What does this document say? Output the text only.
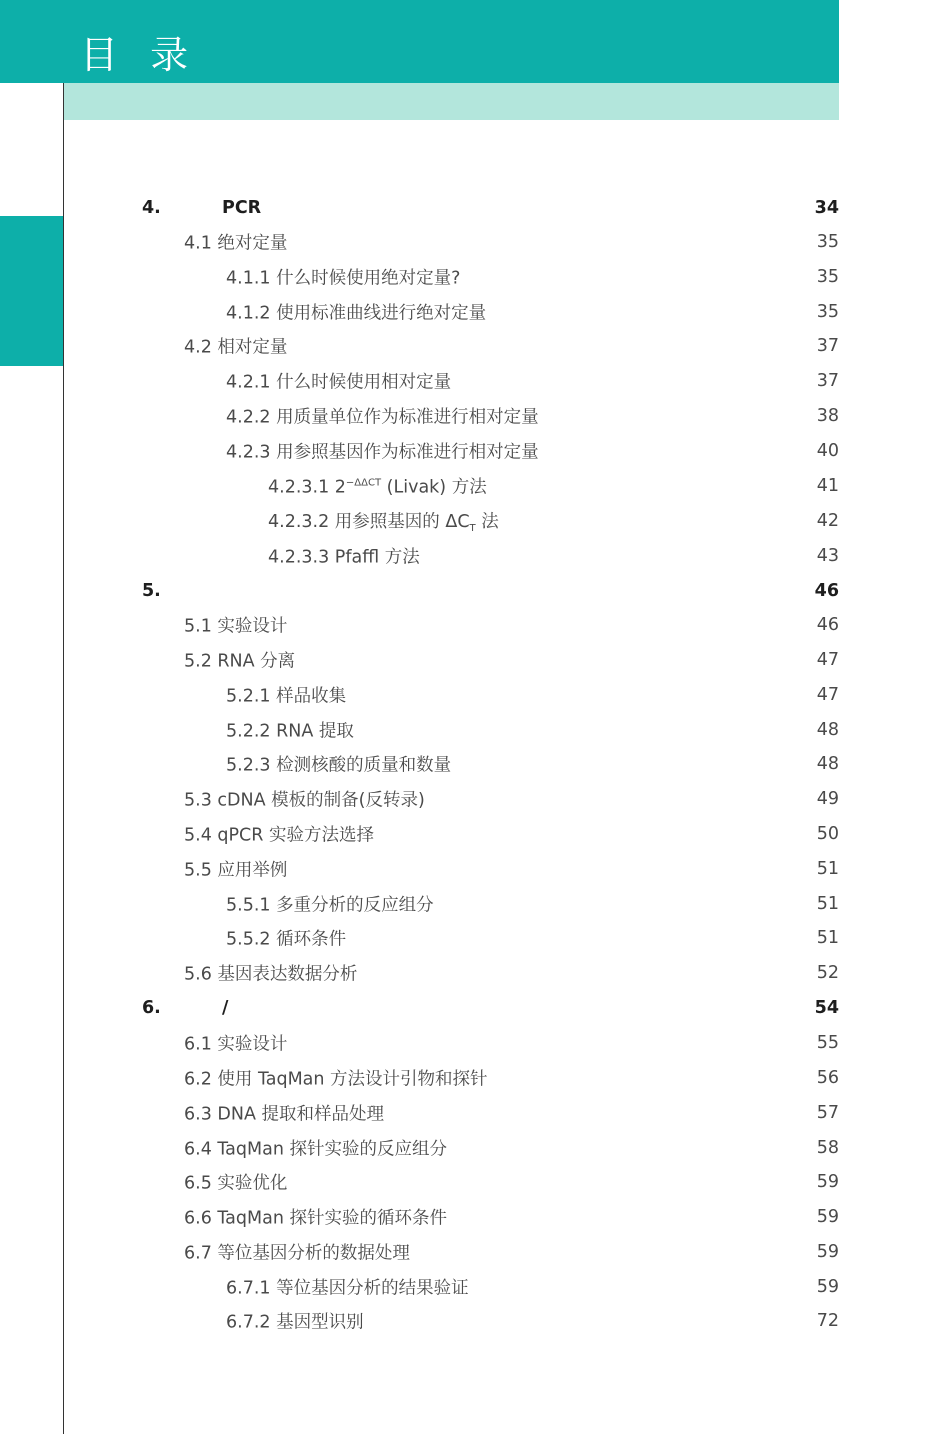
目 录
4.	PCR	34
4.1 绝对定量	35
4.1.1 什么时候使用绝对定量?	35
4.1.2 使用标准曲线进行绝对定量	35
4.2 相对定量	37
4.2.1 什么时候使用相对定量	37
4.2.2 用质量单位作为标准进行相对定量	38
4.2.3 用参照基因作为标准进行相对定量	40
4.2.3.1 $2^{-\Delta\Delta CT}$ (Livak) 方法	41
4.2.3.2 用参照基因的 $\Delta C_T$ 法	42
4.2.3.3 Pfaffl 方法	43
5.	46
5.1 实验设计	46
5.2 RNA 分离	47
5.2.1 样品收集	47
5.2.2 RNA 提取	48
5.2.3 检测核酸的质量和数量	48
5.3 cDNA 模板的制备(反转录)	49
5.4 qPCR 实验方法选择	50
5.5 应用举例	51
5.5.1 多重分析的反应组分	51
5.5.2 循环条件	51
5.6 基因表达数据分析	52
6.	/	54
6.1 实验设计	55
6.2 使用 TaqMan 方法设计引物和探针	56
6.3 DNA 提取和样品处理	57
6.4 TaqMan 探针实验的反应组分	58
6.5 实验优化	59
6.6 TaqMan 探针实验的循环条件	59
6.7 等位基因分析的数据处理	59
6.7.1 等位基因分析的结果验证	59
6.7.2 基因型识别	72
